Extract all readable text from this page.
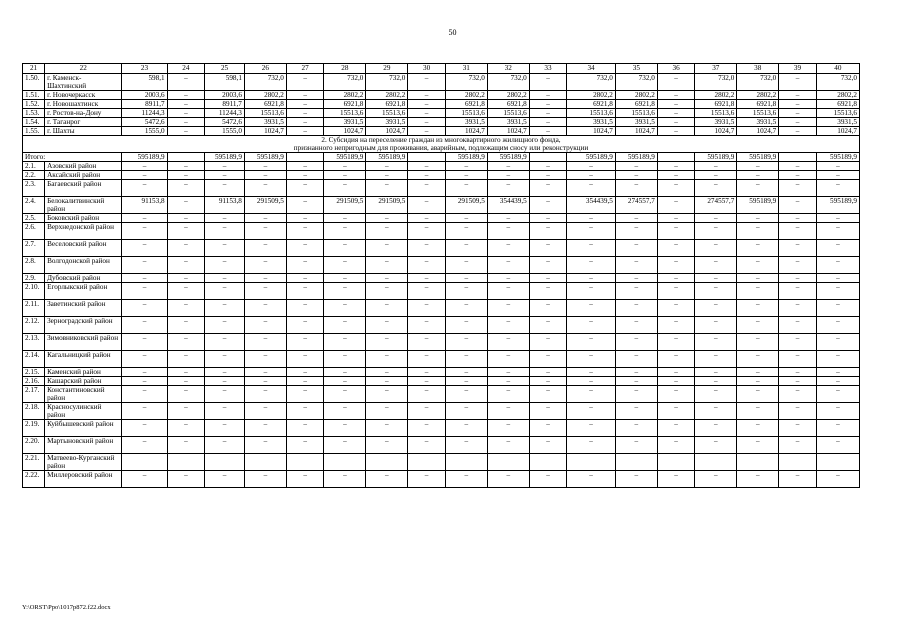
50
21	22	23	24	25	26	27	28	29	30	31	32	33	34	35	36	37	38	39	40
1.50.	г. Каменск-Шахтинский	598,1	–	598,1	732,0	–	732,0	732,0	–	732,0	732,0	–	732,0	732,0	–	732,0	732,0	–	732,0
1.51.	г. Новочеркасск	2003,6	–	2003,6	2802,2	–	2802,2	2802,2	–	2802,2	2802,2	–	2802,2	2802,2	–	2802,2	2802,2	–	2802,2
1.52.	г. Новошахтинск	8911,7	–	8911,7	6921,8	–	6921,8	6921,8	–	6921,8	6921,8	–	6921,8	6921,8	–	6921,8	6921,8	–	6921,8
1.53.	г. Ростов-на-Дону	11244,3	–	11244,3	15513,6	–	15513,6	15513,6	–	15513,6	15513,6	–	15513,6	15513,6	–	15513,6	15513,6	–	15513,6
1.54.	г. Таганрог	5472,6	–	5472,6	3931,5	–	3931,5	3931,5	–	3931,5	3931,5	–	3931,5	3931,5	–	3931,5	3931,5	–	3931,5
1.55.	г. Шахты	1555,0	–	1555,0	1024,7	–	1024,7	1024,7	–	1024,7	1024,7	–	1024,7	1024,7	–	1024,7	1024,7	–	1024,7

2. Субсидия на переселение граждан из многоквартирного жилищного фонда,
признанного непригодным для проживания, аварийным, подлежащим сносу или реконструкции																			

Итого:		595189,9		595189,9	595189,9		595189,9	595189,9		595189,9	595189,9		595189,9	595189,9		595189,9	595189,9		595189,9
2.1.	Азовский район	–	–	–	–	–	–	–	–	–	–	–	–	–	–	–	–	–	–
2.2.	Аксайский район	–	–	–	–	–	–	–	–	–	–	–	–	–	–	–	–	–	–
2.3.	Багаевский район	–	–	–	–	–	–	–	–	–	–	–	–	–	–	–	–	–	–
2.4.	Белокалитвинский район	91153,8	–	91153,8	291509,5	–	291509,5	291509,5	–	291509,5	354439,5	–	354439,5	274557,7	–	274557,7	595189,9	–	595189,9
2.5.	Боковский район	–	–	–	–	–	–	–	–	–	–	–	–	–	–	–	–	–	–
2.6.	Верхнедонской район	–	–	–	–	–	–	–	–	–	–	–	–	–	–	–	–	–	–
2.7.	Веселовский район	–	–	–	–	–	–	–	–	–	–	–	–	–	–	–	–	–	–
2.8.	Волгодонской район	–	–	–	–	–	–	–	–	–	–	–	–	–	–	–	–	–	–
2.9.	Дубовский район	–	–	–	–	–	–	–	–	–	–	–	–	–	–	–	–	–	–
2.10.	Егорлыкский район	–	–	–	–	–	–	–	–	–	–	–	–	–	–	–	–	–	–
2.11.	Заветинский район	–	–	–	–	–	–	–	–	–	–	–	–	–	–	–	–	–	–
2.12.	Зерноградский район	–	–	–	–	–	–	–	–	–	–	–	–	–	–	–	–	–	–
2.13.	Зимовниковский район	–	–	–	–	–	–	–	–	–	–	–	–	–	–	–	–	–	–
2.14.	Кагальницкий район	–	–	–	–	–	–	–	–	–	–	–	–	–	–	–	–	–	–
2.15.	Каменский район	–	–	–	–	–	–	–	–	–	–	–	–	–	–	–	–	–	–
2.16.	Кашарский район	–	–	–	–	–	–	–	–	–	–	–	–	–	–	–	–	–	–
2.17.	Константиновский район	–	–	–	–	–	–	–	–	–	–	–	–	–	–	–	–	–	–
2.18.	Красносулинский район	–	–	–	–	–	–	–	–	–	–	–	–	–	–	–	–	–	–
2.19.	Куйбышевский район	–	–	–	–	–	–	–	–	–	–	–	–	–	–	–	–	–	–
2.20.	Мартыновский район	–	–	–	–	–	–	–	–	–	–	–	–	–	–	–	–	–	–
2.21.	Матвеево-Курганский район																		
2.22.	Миллеровский район	–	–	–	–	–	–	–	–	–	–	–	–	–	–	–	–	–	–
Y:\ORST\Ppo\1017p872.f22.docx
